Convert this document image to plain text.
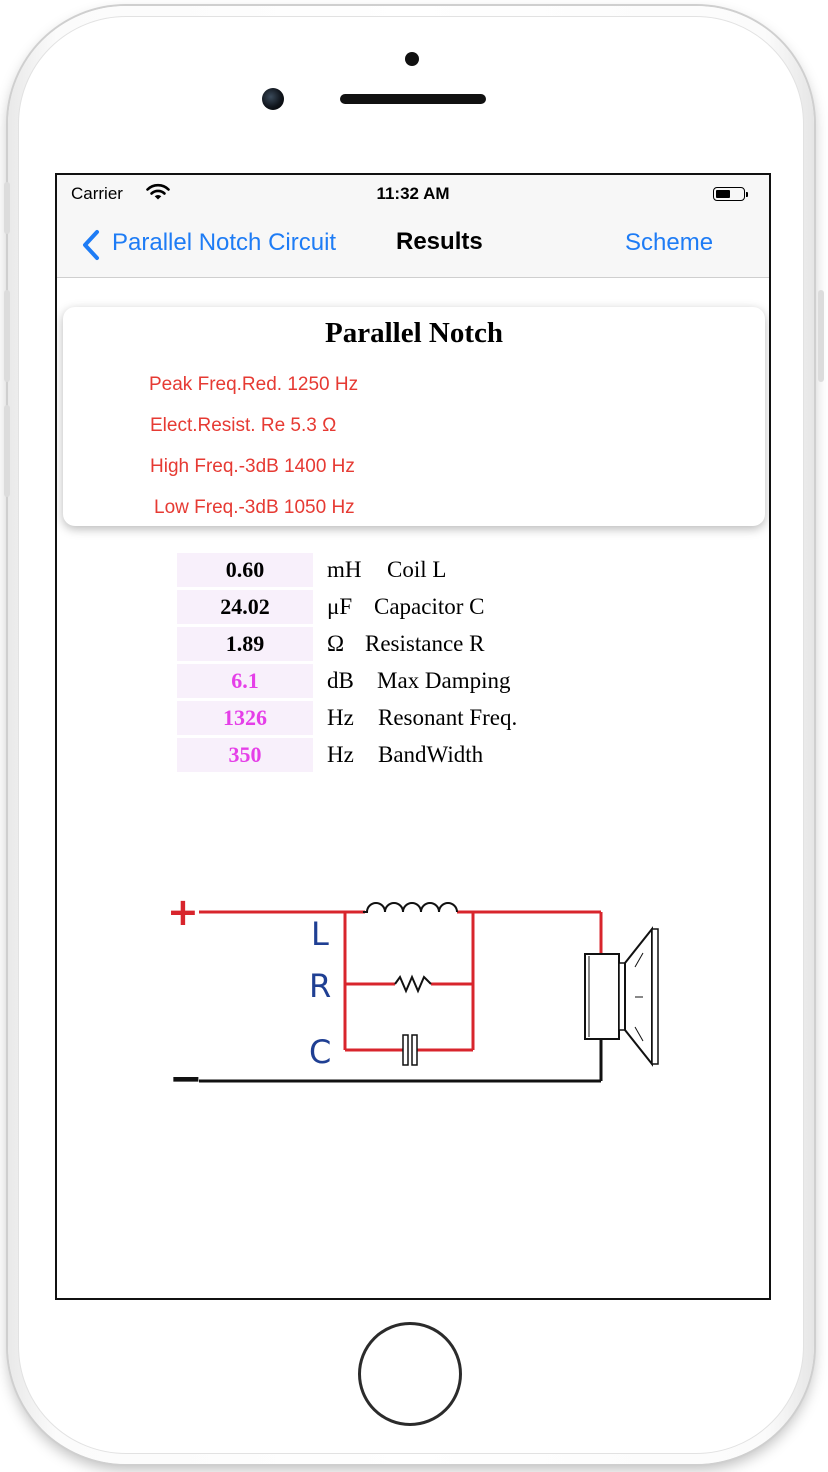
Carrier	11:32 AM
Parallel Notch Circuit Results	Scheme
Parallel Notch
Peak Freq.Red. 1250 Hz
Elect.Resist. Re 5.3 Ω
High Freq.-3dB 1400 Hz
Low Freq.-3dB 1050 Hz
0.60	mH Coil L
24.02	μF Capacitor C
1.89	Ω Resistance R
6.1	dB Max Damping
1326	Hz Resonant Freq.
350	Hz BandWidth
+
−
L
R
C
